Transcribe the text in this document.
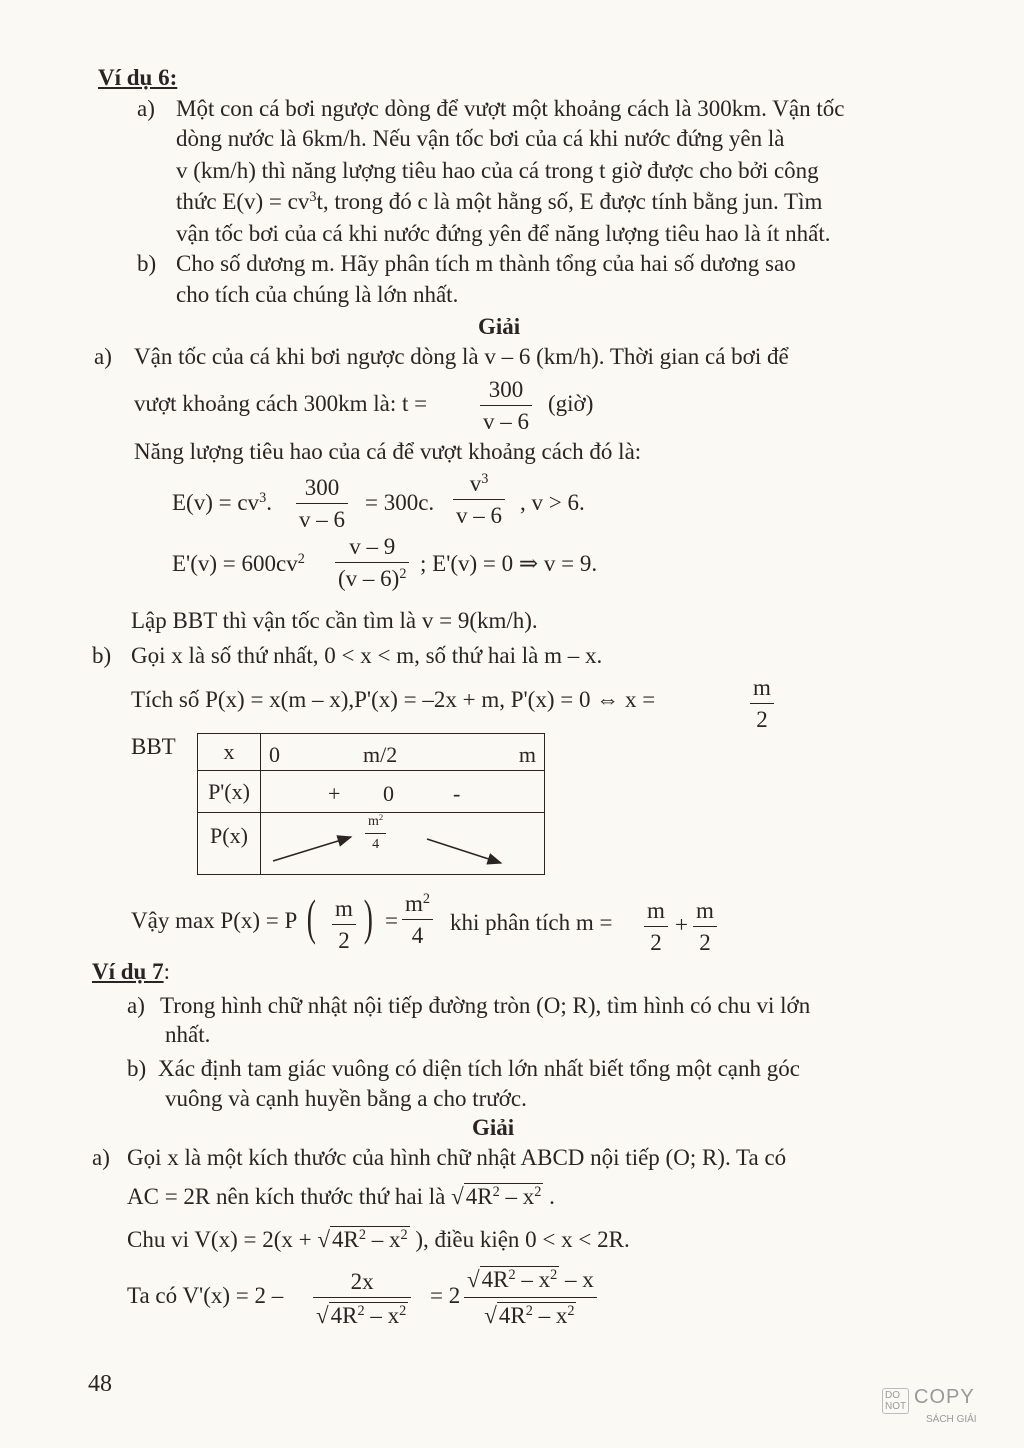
Ví dụ 6:
a) Một con cá bơi ngược dòng để vượt một khoảng cách là 300km. Vận tốc
dòng nước là 6km/h. Nếu vận tốc bơi của cá khi nước đứng yên là
v (km/h) thì năng lượng tiêu hao của cá trong t giờ được cho bởi công
thức $E(v) = cv^3t$, trong đó c là một hằng số, E được tính bằng jun. Tìm
vận tốc bơi của cá khi nước đứng yên để năng lượng tiêu hao là ít nhất.
b) Cho số dương m. Hãy phân tích m thành tổng của hai số dương sao
cho tích của chúng là lớn nhất.
Giải
a) Vận tốc của cá khi bơi ngược dòng là v – 6 (km/h). Thời gian cá bơi để
vượt khoảng cách 300km là: $t = \frac{300}{v - 6}$ (giờ)
Năng lượng tiêu hao của cá để vượt khoảng cách đó là:
$E(v) = cv^3$. $\frac{300}{v - 6} = 300c$. $\frac{v^3}{v - 6}$ , v > 6.
$E'(v) = 600cv^2 \frac{v - 9}{(v - 6)^2}$ ; E'(v) = 0 ⇒ v = 9.
Lập BBT thì vận tốc cần tìm là v = 9(km/h).
b) Gọi x là số thứ nhất, 0 < x < m, số thứ hai là m – x.
Tích số P(x) = x(m – x),P'(x) = –2x + m, P'(x) = 0 ⇔ x =	$\frac{m}{2}$
BBT x	0 m/2 m

P'(x)	+ 0 -

P(x)	$\frac{m^2}{4}$
Vậy max P(x) = P ( $\frac{m}{2}$ ) = $\frac{m^2}{4}$ khi phân tích $m = \frac{m}{2} + \frac{m}{2}$
Ví dụ 7:
a) Trong hình chữ nhật nội tiếp đường tròn (O; R), tìm hình có chu vi lớn
nhất.
b) Xác định tam giác vuông có diện tích lớn nhất biết tổng một cạnh góc
vuông và cạnh huyền bằng a cho trước.
Giải
a) Gọi x là một kích thước của hình chữ nhật ABCD nội tiếp (O; R). Ta có
AC = 2R nên kích thước thứ hai là $√4R^2 - x^2$ .
Chu vi $V(x) = 2(x + √4R^2 - x^2$ ), điều kiện 0 < x < 2R.
Ta có $V'(x) = 2 - \frac{2x}{√4R^2 - x^2} = 2 \frac{√4R^2 - x^2 - x}{√4R^2 - x^2}$
48	DO
NOT COPY
SÁCH GIẢI
